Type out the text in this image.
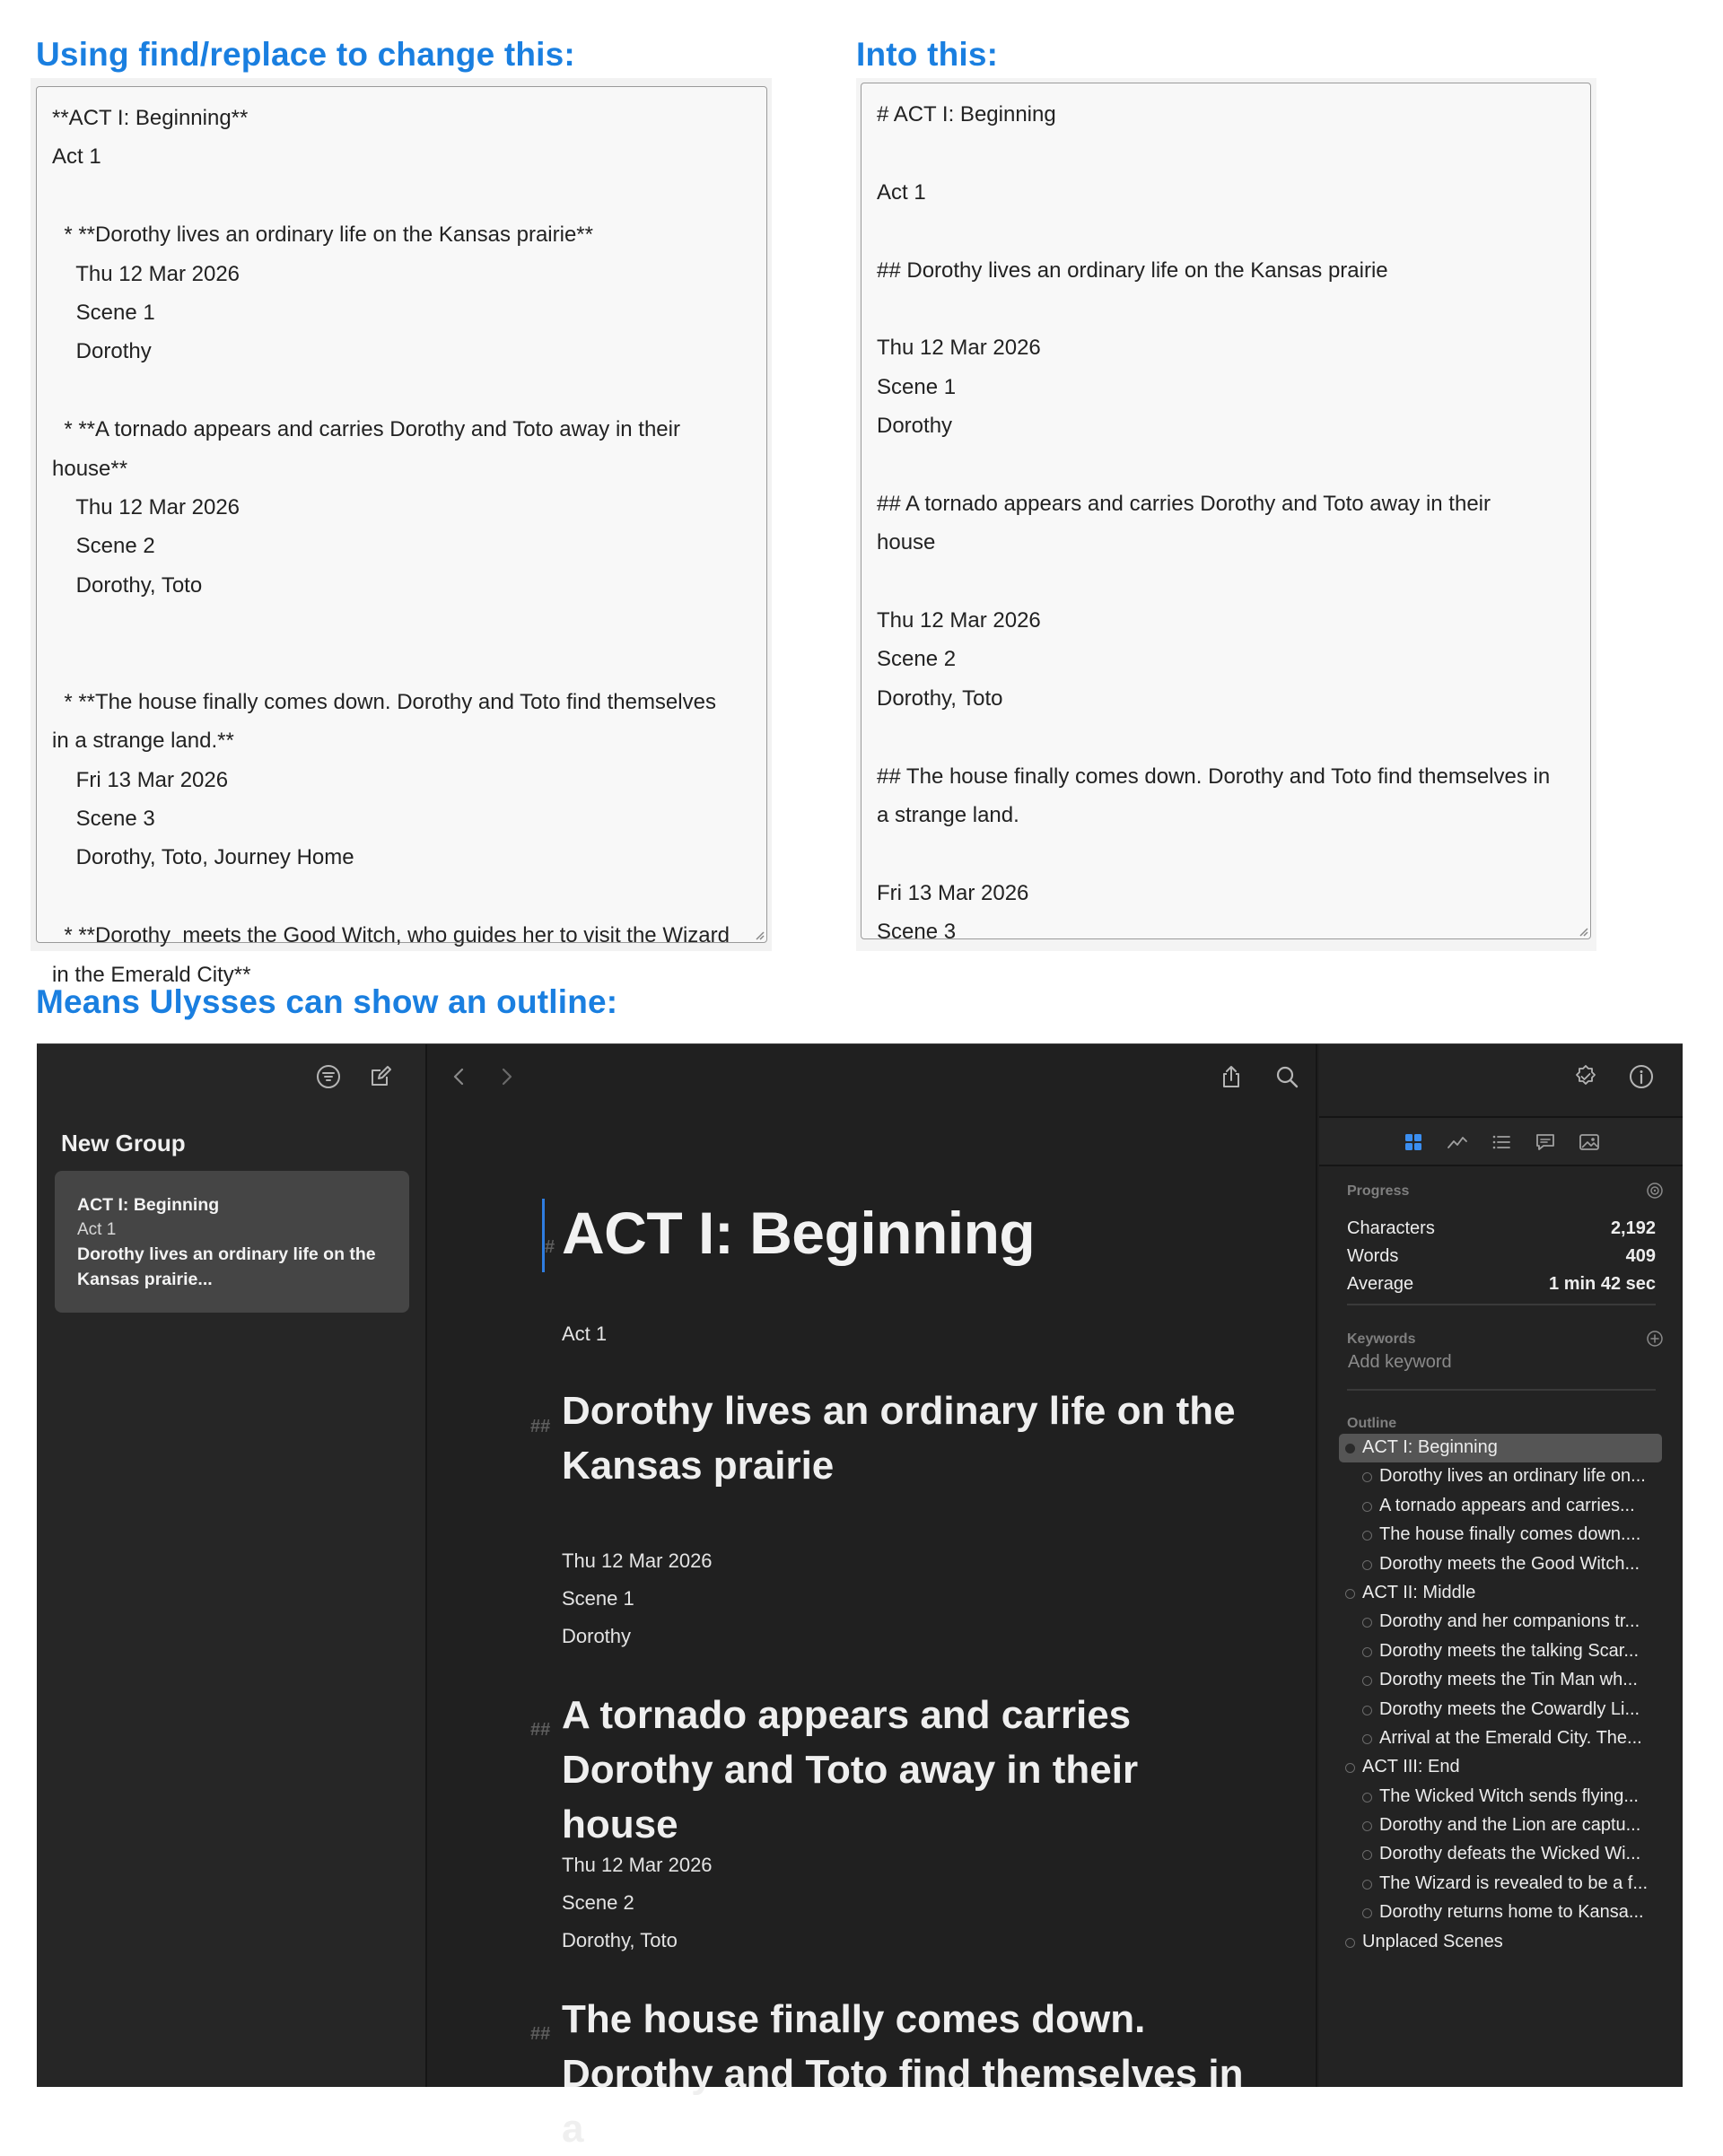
Using find/replace to change this:	Into this:
Means Ulysses can show an outline:
**ACT I: Beginning**
Act 1
* **Dorothy lives an ordinary life on the Kansas prairie**
Thu 12 Mar 2026
Scene 1
Dorothy
* **A tornado appears and carries Dorothy and Toto away in their
house**
Thu 12 Mar 2026
Scene 2
Dorothy, Toto
* **The house finally comes down. Dorothy and Toto find themselves
in a strange land.**
Fri 13 Mar 2026
Scene 3
Dorothy, Toto, Journey Home
* **Dorothy  meets the Good Witch, who guides her to visit the Wizard
in the Emerald City**
# ACT I: Beginning
Act 1
## Dorothy lives an ordinary life on the Kansas prairie
Thu 12 Mar 2026
Scene 1
Dorothy
## A tornado appears and carries Dorothy and Toto away in their
house
Thu 12 Mar 2026
Scene 2
Dorothy, Toto
## The house finally comes down. Dorothy and Toto find themselves in
a strange land.
Fri 13 Mar 2026
Scene 3
New Group
ACT I: Beginning
Act 1
Dorothy lives an ordinary life on the Kansas prairie...
# ACT I: Beginning
Act 1
## Dorothy lives an ordinary life on the Kansas prairie
Thu 12 Mar 2026
Scene 1
Dorothy
## A tornado appears and carries Dorothy and Toto away in their house
Thu 12 Mar 2026
Scene 2
Dorothy, Toto
## The house finally comes down. Dorothy and Toto find themselves in a
Progress
Characters	2,192
Words	409
Average	1 min 42 sec
Keywords
Add keyword
Outline
ACT I: Beginning
Dorothy lives an ordinary life on...
A tornado appears and carries...
The house finally comes down....
Dorothy meets the Good Witch...
ACT II: Middle
Dorothy and her companions tr...
Dorothy meets the talking Scar...
Dorothy meets the Tin Man wh...
Dorothy meets the Cowardly Li...
Arrival at the Emerald City. The...
ACT III: End
The Wicked Witch sends flying...
Dorothy and the Lion are captu...
Dorothy defeats the Wicked Wi...
The Wizard is revealed to be a f...
Dorothy returns home to Kansa...
Unplaced Scenes
